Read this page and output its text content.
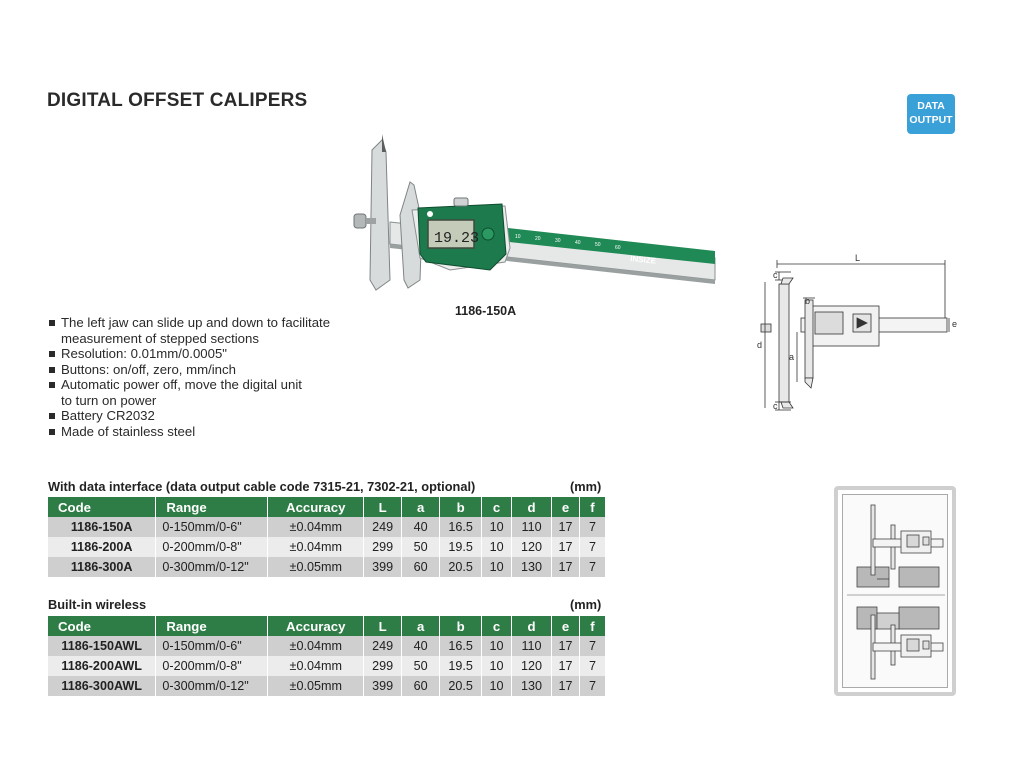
DIGITAL OFFSET CALIPERS	DATA
OUTPUT
10	20	30	40	50	60
INSIZE
19.23
1186-150A
L
c
b
d
a
e
c
The left jaw can slide up and down to facilitate measurement of stepped sections
Resolution: 0.01mm/0.0005"
Buttons: on/off, zero, mm/inch
Automatic power off, move the digital unit to turn on power
Battery CR2032
Made of stainless steel
With data interface (data output cable code 7315-21, 7302-21, optional)	(mm)
Code	Range	Accuracy	L	a	b	c	d	e	f
1186-150A	0-150mm/0-6"	±0.04mm	249	40	16.5	10	110	17	7
1186-200A	0-200mm/0-8"	±0.04mm	299	50	19.5	10	120	17	7
1186-300A	0-300mm/0-12"	±0.05mm	399	60	20.5	10	130	17	7
Built-in wireless	(mm)
Code	Range	Accuracy	L	a	b	c	d	e	f
1186-150AWL	0-150mm/0-6"	±0.04mm	249	40	16.5	10	110	17	7
1186-200AWL	0-200mm/0-8"	±0.04mm	299	50	19.5	10	120	17	7
1186-300AWL	0-300mm/0-12"	±0.05mm	399	60	20.5	10	130	17	7
